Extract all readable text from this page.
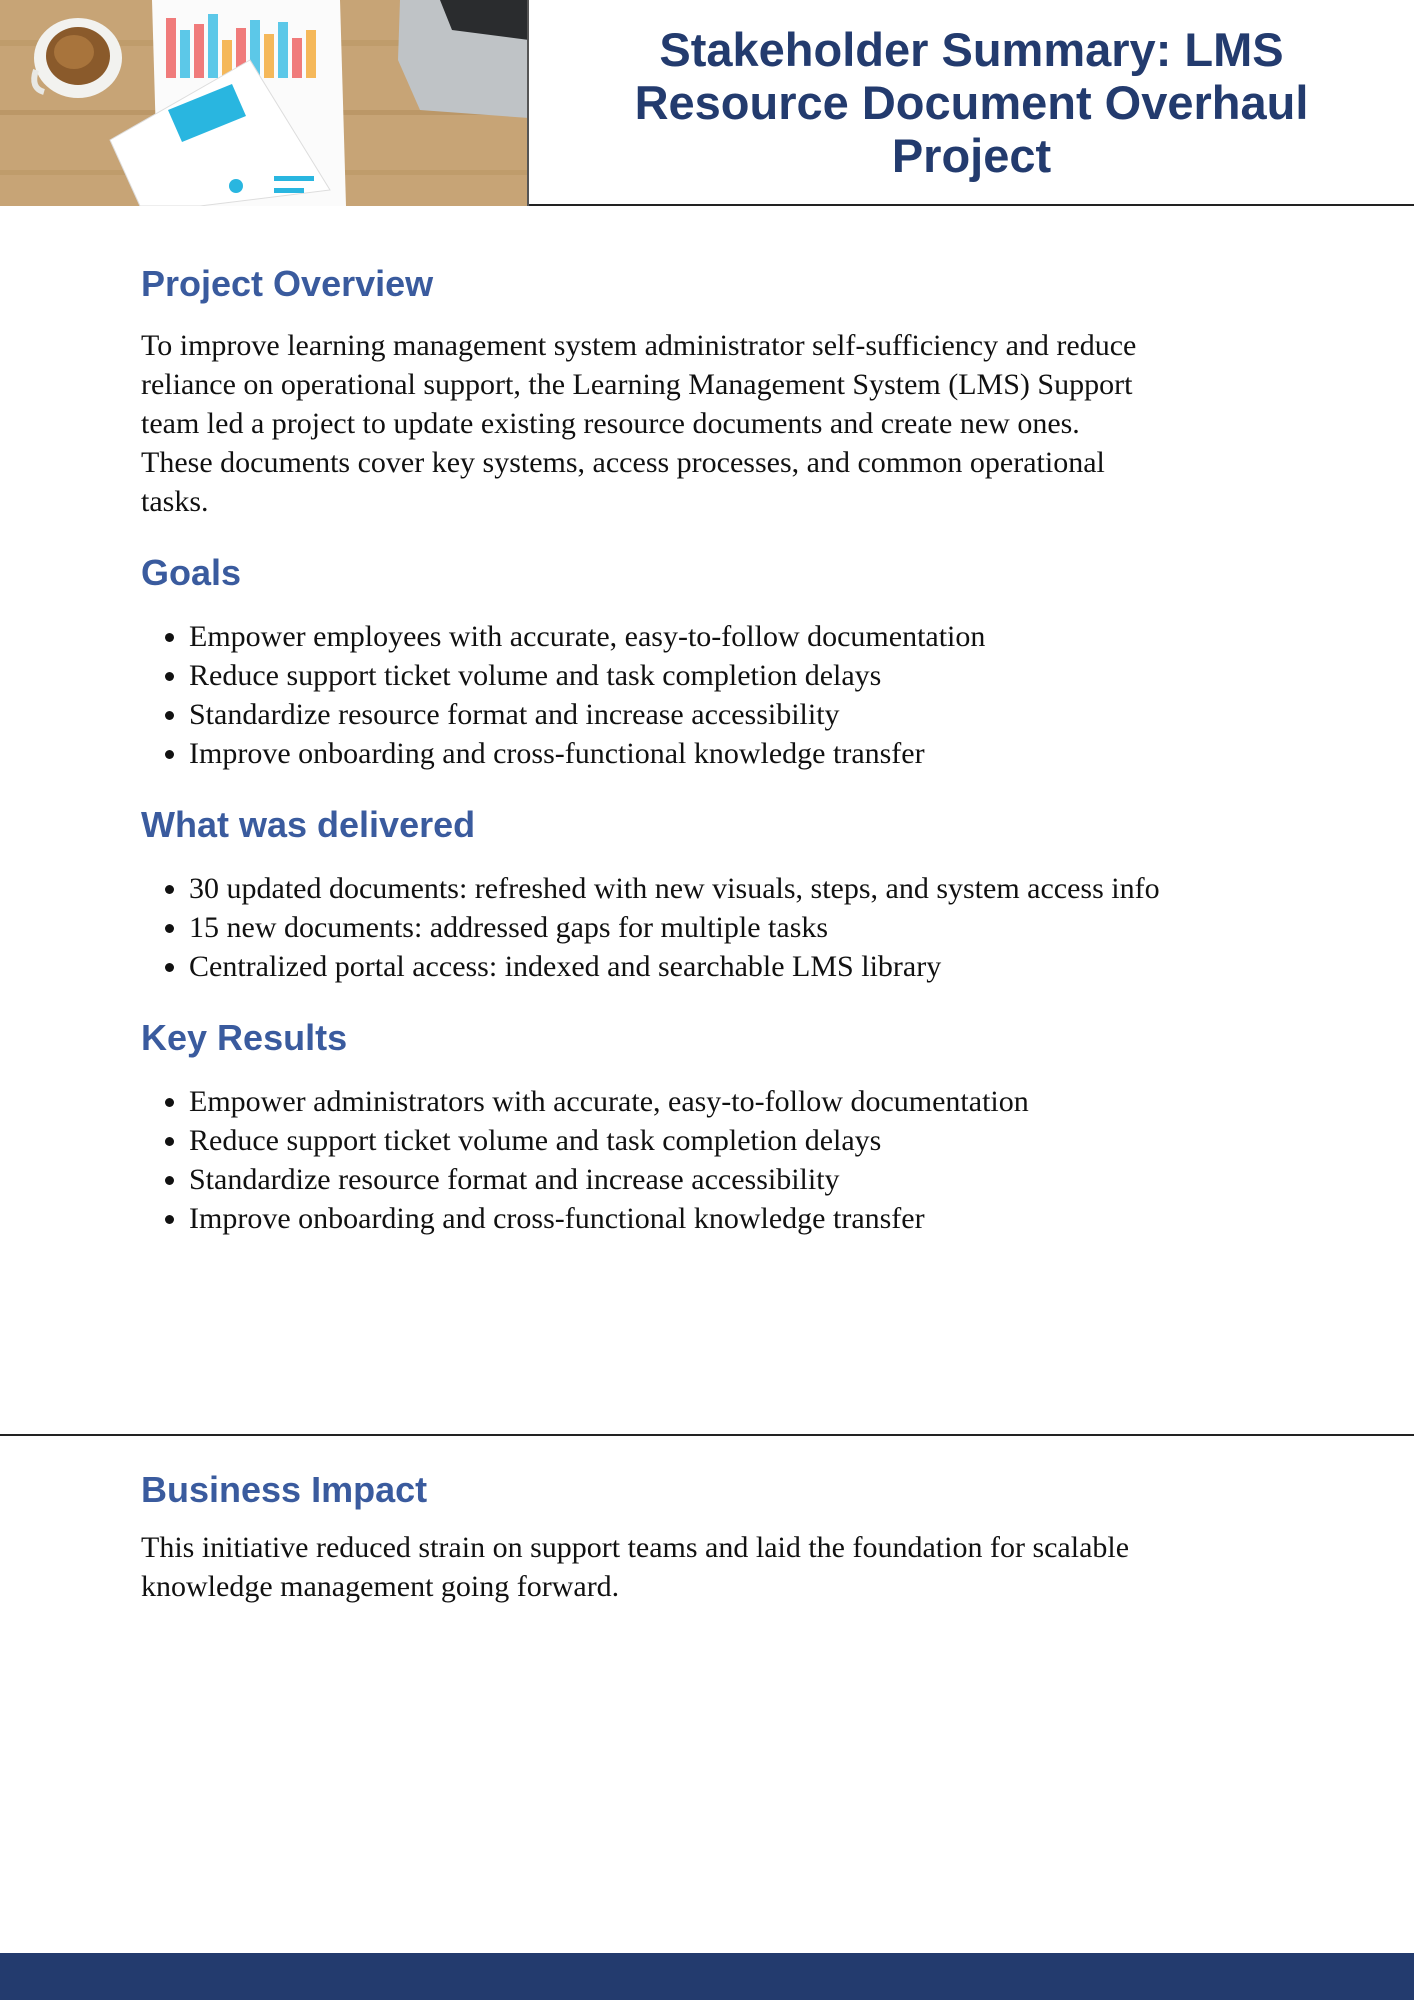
Stakeholder Summary: LMS Resource Document Overhaul Project
Project Overview

To improve learning management system administrator self-sufficiency and reduce reliance on operational support, the Learning Management System (LMS) Support team led a project to update existing resource documents and create new ones. These documents cover key systems, access processes, and common operational tasks.

Goals
• Empower employees with accurate, easy-to-follow documentation
• Reduce support ticket volume and task completion delays
• Standardize resource format and increase accessibility
• Improve onboarding and cross-functional knowledge transfer
What was delivered
• 30 updated documents: refreshed with new visuals, steps, and system access info
• 15 new documents: addressed gaps for multiple tasks
• Centralized portal access: indexed and searchable LMS library
Key Results
• Empower administrators with accurate, easy-to-follow documentation
• Reduce support ticket volume and task completion delays
• Standardize resource format and increase accessibility
• Improve onboarding and cross-functional knowledge transfer
Business Impact

This initiative reduced strain on support teams and laid the foundation for scalable knowledge management going forward.
